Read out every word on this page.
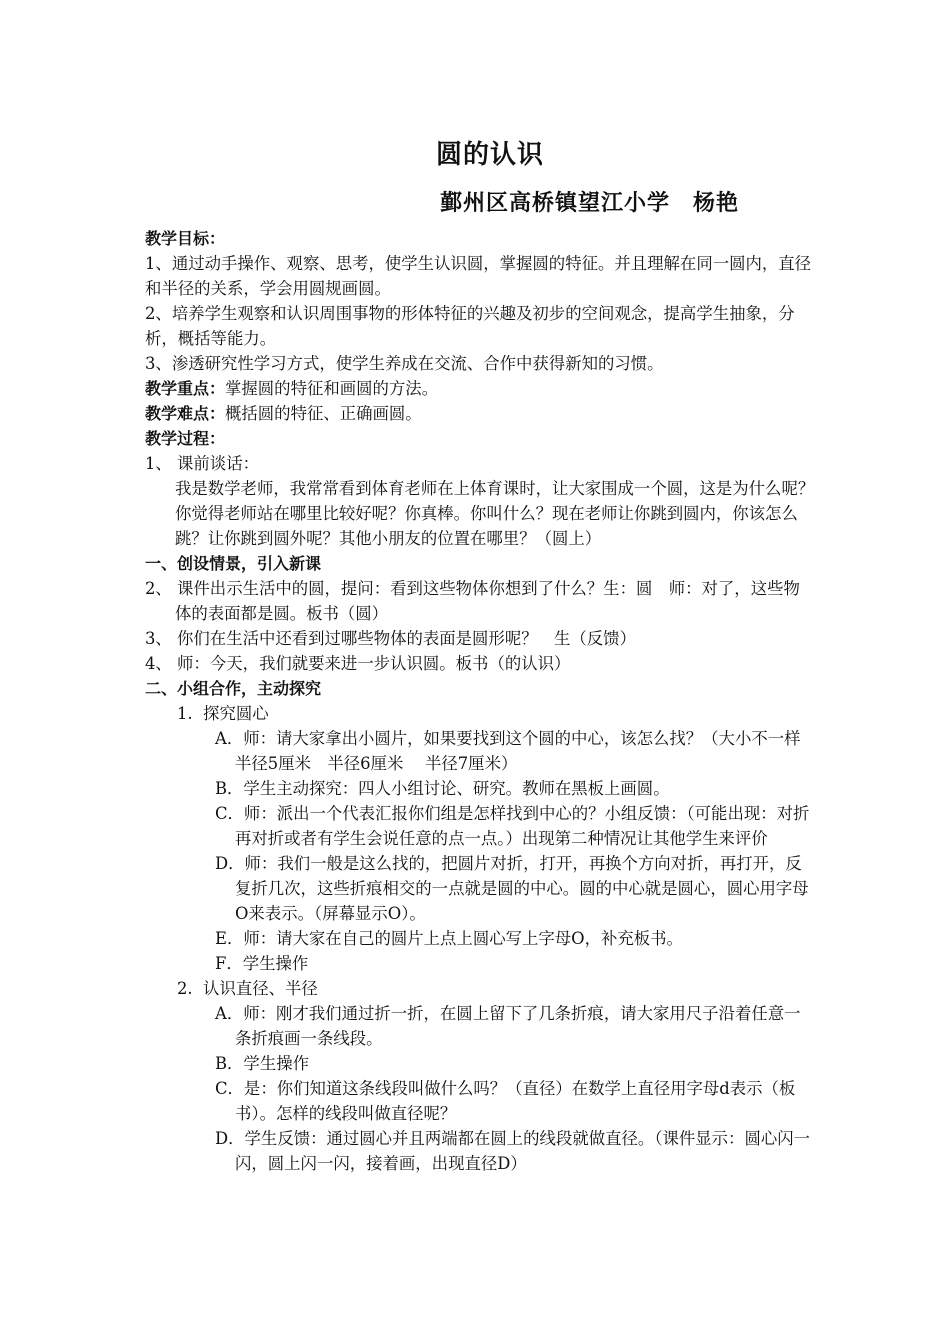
圆的认识
鄞州区高桥镇望江小学　杨艳

教学目标：

1、通过动手操作、观察、思考，使学生认识圆，掌握圆的特征。并且理解在同一圆内，直径和半径的关系，学会用圆规画圆。

2、培养学生观察和认识周围事物的形体特征的兴趣及初步的空间观念，提高学生抽象，分析，概括等能力。

3、渗透研究性学习方式，使学生养成在交流、合作中获得新知的习惯。

教学重点：掌握圆的特征和画圆的方法。

教学难点：概括圆的特征、正确画圆。

教学过程：

1、 课前谈话：

我是数学老师，我常常看到体育老师在上体育课时，让大家围成一个圆，这是为什么呢？你觉得老师站在哪里比较好呢？你真棒。你叫什么？现在老师让你跳到圆内，你该怎么跳？让你跳到圆外呢？其他小朋友的位置在哪里？（圆上）

一、创设情景，引入新课

2、 课件出示生活中的圆，提问：看到这些物体你想到了什么？生：圆　师：对了，这些物体的表面都是圆。板书（圆）

3、 你们在生活中还看到过哪些物体的表面是圆形呢？　生（反馈）

4、 师：今天，我们就要来进一步认识圆。板书（的认识）

二、小组合作，主动探究

1.  探究圆心

A．师：请大家拿出小圆片，如果要找到这个圆的中心，该怎么找？（大小不一样　半径5厘米　半径6厘米　 半径7厘米）

B．学生主动探究：四人小组讨论、研究。教师在黑板上画圆。

C．师：派出一个代表汇报你们组是怎样找到中心的？小组反馈：（可能出现：对折再对折或者有学生会说任意的点一点。）出现第二种情况让其他学生来评价

D．师：我们一般是这么找的，把圆片对折，打开，再换个方向对折，再打开，反复折几次，这些折痕相交的一点就是圆的中心。圆的中心就是圆心，圆心用字母O来表示。（屏幕显示O）。

E．师：请大家在自己的圆片上点上圆心写上字母O，补充板书。

F．学生操作

2.  认识直径、半径

A．师：刚才我们通过折一折，在圆上留下了几条折痕，请大家用尺子沿着任意一条折痕画一条线段。

B．学生操作

C．是：你们知道这条线段叫做什么吗？（直径）在数学上直径用字母d表示（板书）。怎样的线段叫做直径呢？

D．学生反馈：通过圆心并且两端都在圆上的线段就做直径。（课件显示：圆心闪一闪，圆上闪一闪，接着画，出现直径D）
